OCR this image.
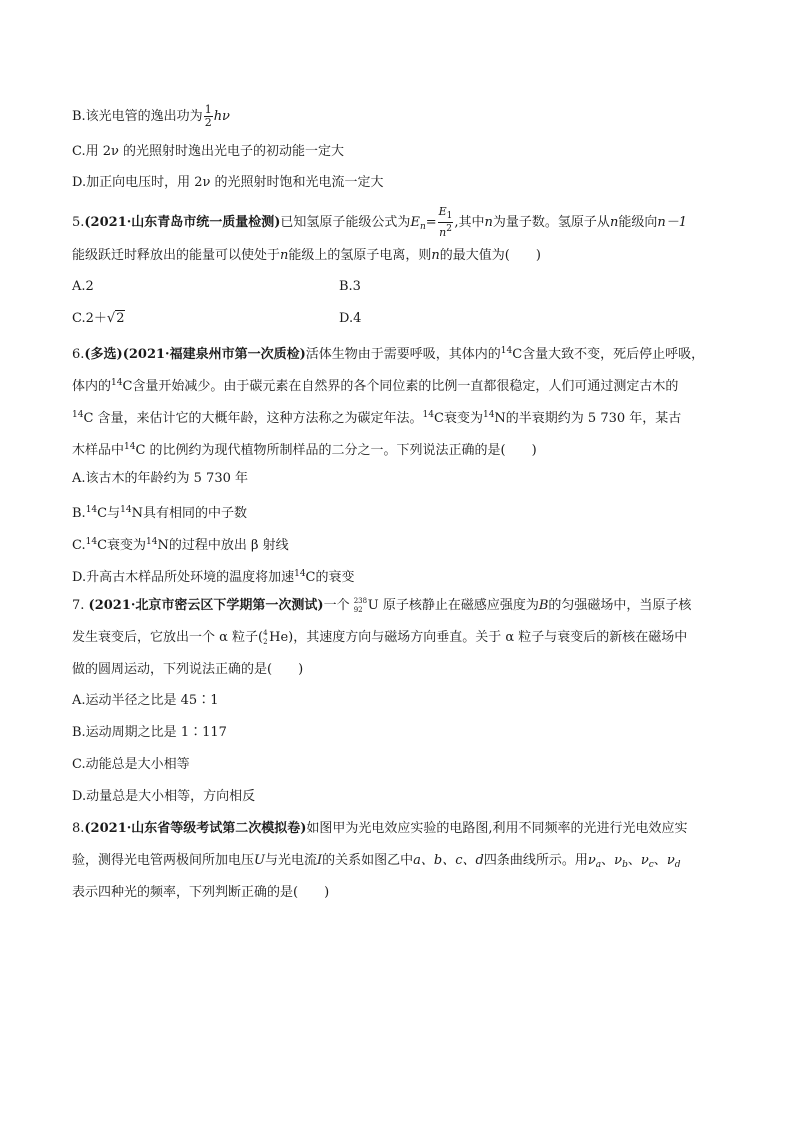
B.该光电管的逸出功为 $\frac{1}{2}$ hν
C.用 2ν 的光照射时逸出光电子的初动能一定大
D.加正向电压时，用 2ν 的光照射时饱和光电流一定大
5.(2021·山东青岛市统一质量检测)已知氢原子能级公式为$E_n= \frac{E_1}{n^2}$ ,其中n为量子数。氢原子从n能级向n－1
能级跃迁时释放出的能量可以使处于n能级上的氢原子电离，则n的最大值为(　　)
A.2	B.3
C.2＋√2	D.4
6.(多选)(2021·福建泉州市第一次质检)活体生物由于需要呼吸，其体内的$^{14}$C含量大致不变，死后停止呼吸，
体内的$^{14}$C含量开始减少。由于碳元素在自然界的各个同位素的比例一直都很稳定，人们可通过测定古木的
$^{14}$C 含量，来估计它的大概年龄，这种方法称之为碳定年法。$^{14}$C衰变为$^{14}$N的半衰期约为 5 730 年，某古
木样品中$^{14}$C 的比例约为现代植物所制样品的二分之一。下列说法正确的是(　　)
A.该古木的年龄约为 5 730 年
B.$^{14}$C与$^{14}$N具有相同的中子数
C.$^{14}$C衰变为$^{14}$N的过程中放出 β 射线
D.升高古木样品所处环境的温度将加速$^{14}$C的衰变
7. (2021·北京市密云区下学期第一次测试)一个 238
92 U 原子核静止在磁感应强度为B的匀强磁场中，当原子核
发生衰变后，它放出一个 α 粒子( 4
2 He)，其速度方向与磁场方向垂直。关于 α 粒子与衰变后的新核在磁场中
做的圆周运动，下列说法正确的是(　　)
A.运动半径之比是 45∶1
B.运动周期之比是 1∶117
C.动能总是大小相等
D.动量总是大小相等，方向相反
8.(2021·山东省等级考试第二次模拟卷)如图甲为光电效应实验的电路图,利用不同频率的光进行光电效应实
验，测得光电管两极间所加电压U与光电流I的关系如图乙中a、b、c、d四条曲线所示。用$\nu_a$、$\nu_b$、$\nu_c$、$\nu_d$
表示四种光的频率，下列判断正确的是(　　)
